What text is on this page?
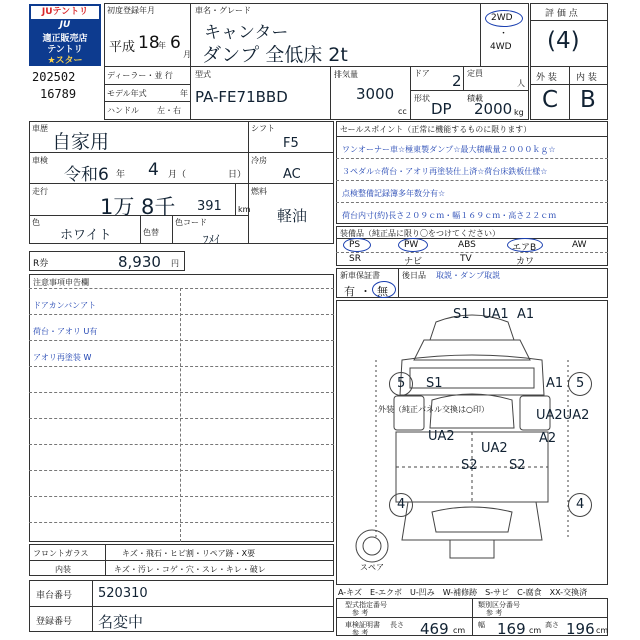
JUテントリ
JU
適正販売店
テントリ
★スター
202502
16789
初度登録年月
平成 18
年 6
月
車名・グレード
キャンター
ダンプ 全低床 2t
2WD
・
4WD
ディーラー・並 行
モデル年式	年
ハンドル 左・右
型式
PA-FE71BBD
排気量
3000
cc
ドア 2 定員
人
形状
DP
積載
2000 kg
評 価 点
(4)
外 装 内 装
C B
車歴
自家用
車検
令和6 年 4 月（	日）
走行
1万 8千 391 km
色
ホワイト	色替
色コード
ﾌﾒｲ
シフト
F5
冷房
AC
燃料
軽油
R券	8,930 円
注意事項申告欄
ドアカンバンアト
荷台・アオリ U有
アオリ再塗装 W
フロントガラス	キズ・飛石・ヒビ割・リペア跡・X要
内装	キズ・汚レ・コゲ・穴・スレ・キレ・破レ
車台番号 520310
登録番号 名変中
セールスポイント（正常に機能するものに限ります）
ワンオーナー車☆極東製ダンプ☆最大積載量２０００ｋｇ☆
３ペダル☆荷台・アオリ再塗装仕上済☆荷台床鉄板仕様☆
点検整備記録簿多年数分有☆
荷台内寸(約)長さ２０９ｃｍ・幅１６９ｃｍ・高さ２２ｃｍ
装備品（純正品に限り〇をつけてください）
PS	PW	ABS	エアB	AW
SR	ナビ	TV	カワ
新車保証書
有 ・ 無
後日品 取説・ダンプ取説
外装（純正パネル交換は○印）
S1 UA1 A1
S1	A1
UA2UA2
A2
UA2
UA2
S2 S2
5	5
4	4
スペア
A-キズ　E-エクボ　U-凹み　W-補修跡　S-サビ　C-腐食　XX-交換済
型式指定番号
参 考
類別区分番号
参 考
車検証明書
参 考
長さ 469 cm
幅 169 cm
高さ 196 cm
